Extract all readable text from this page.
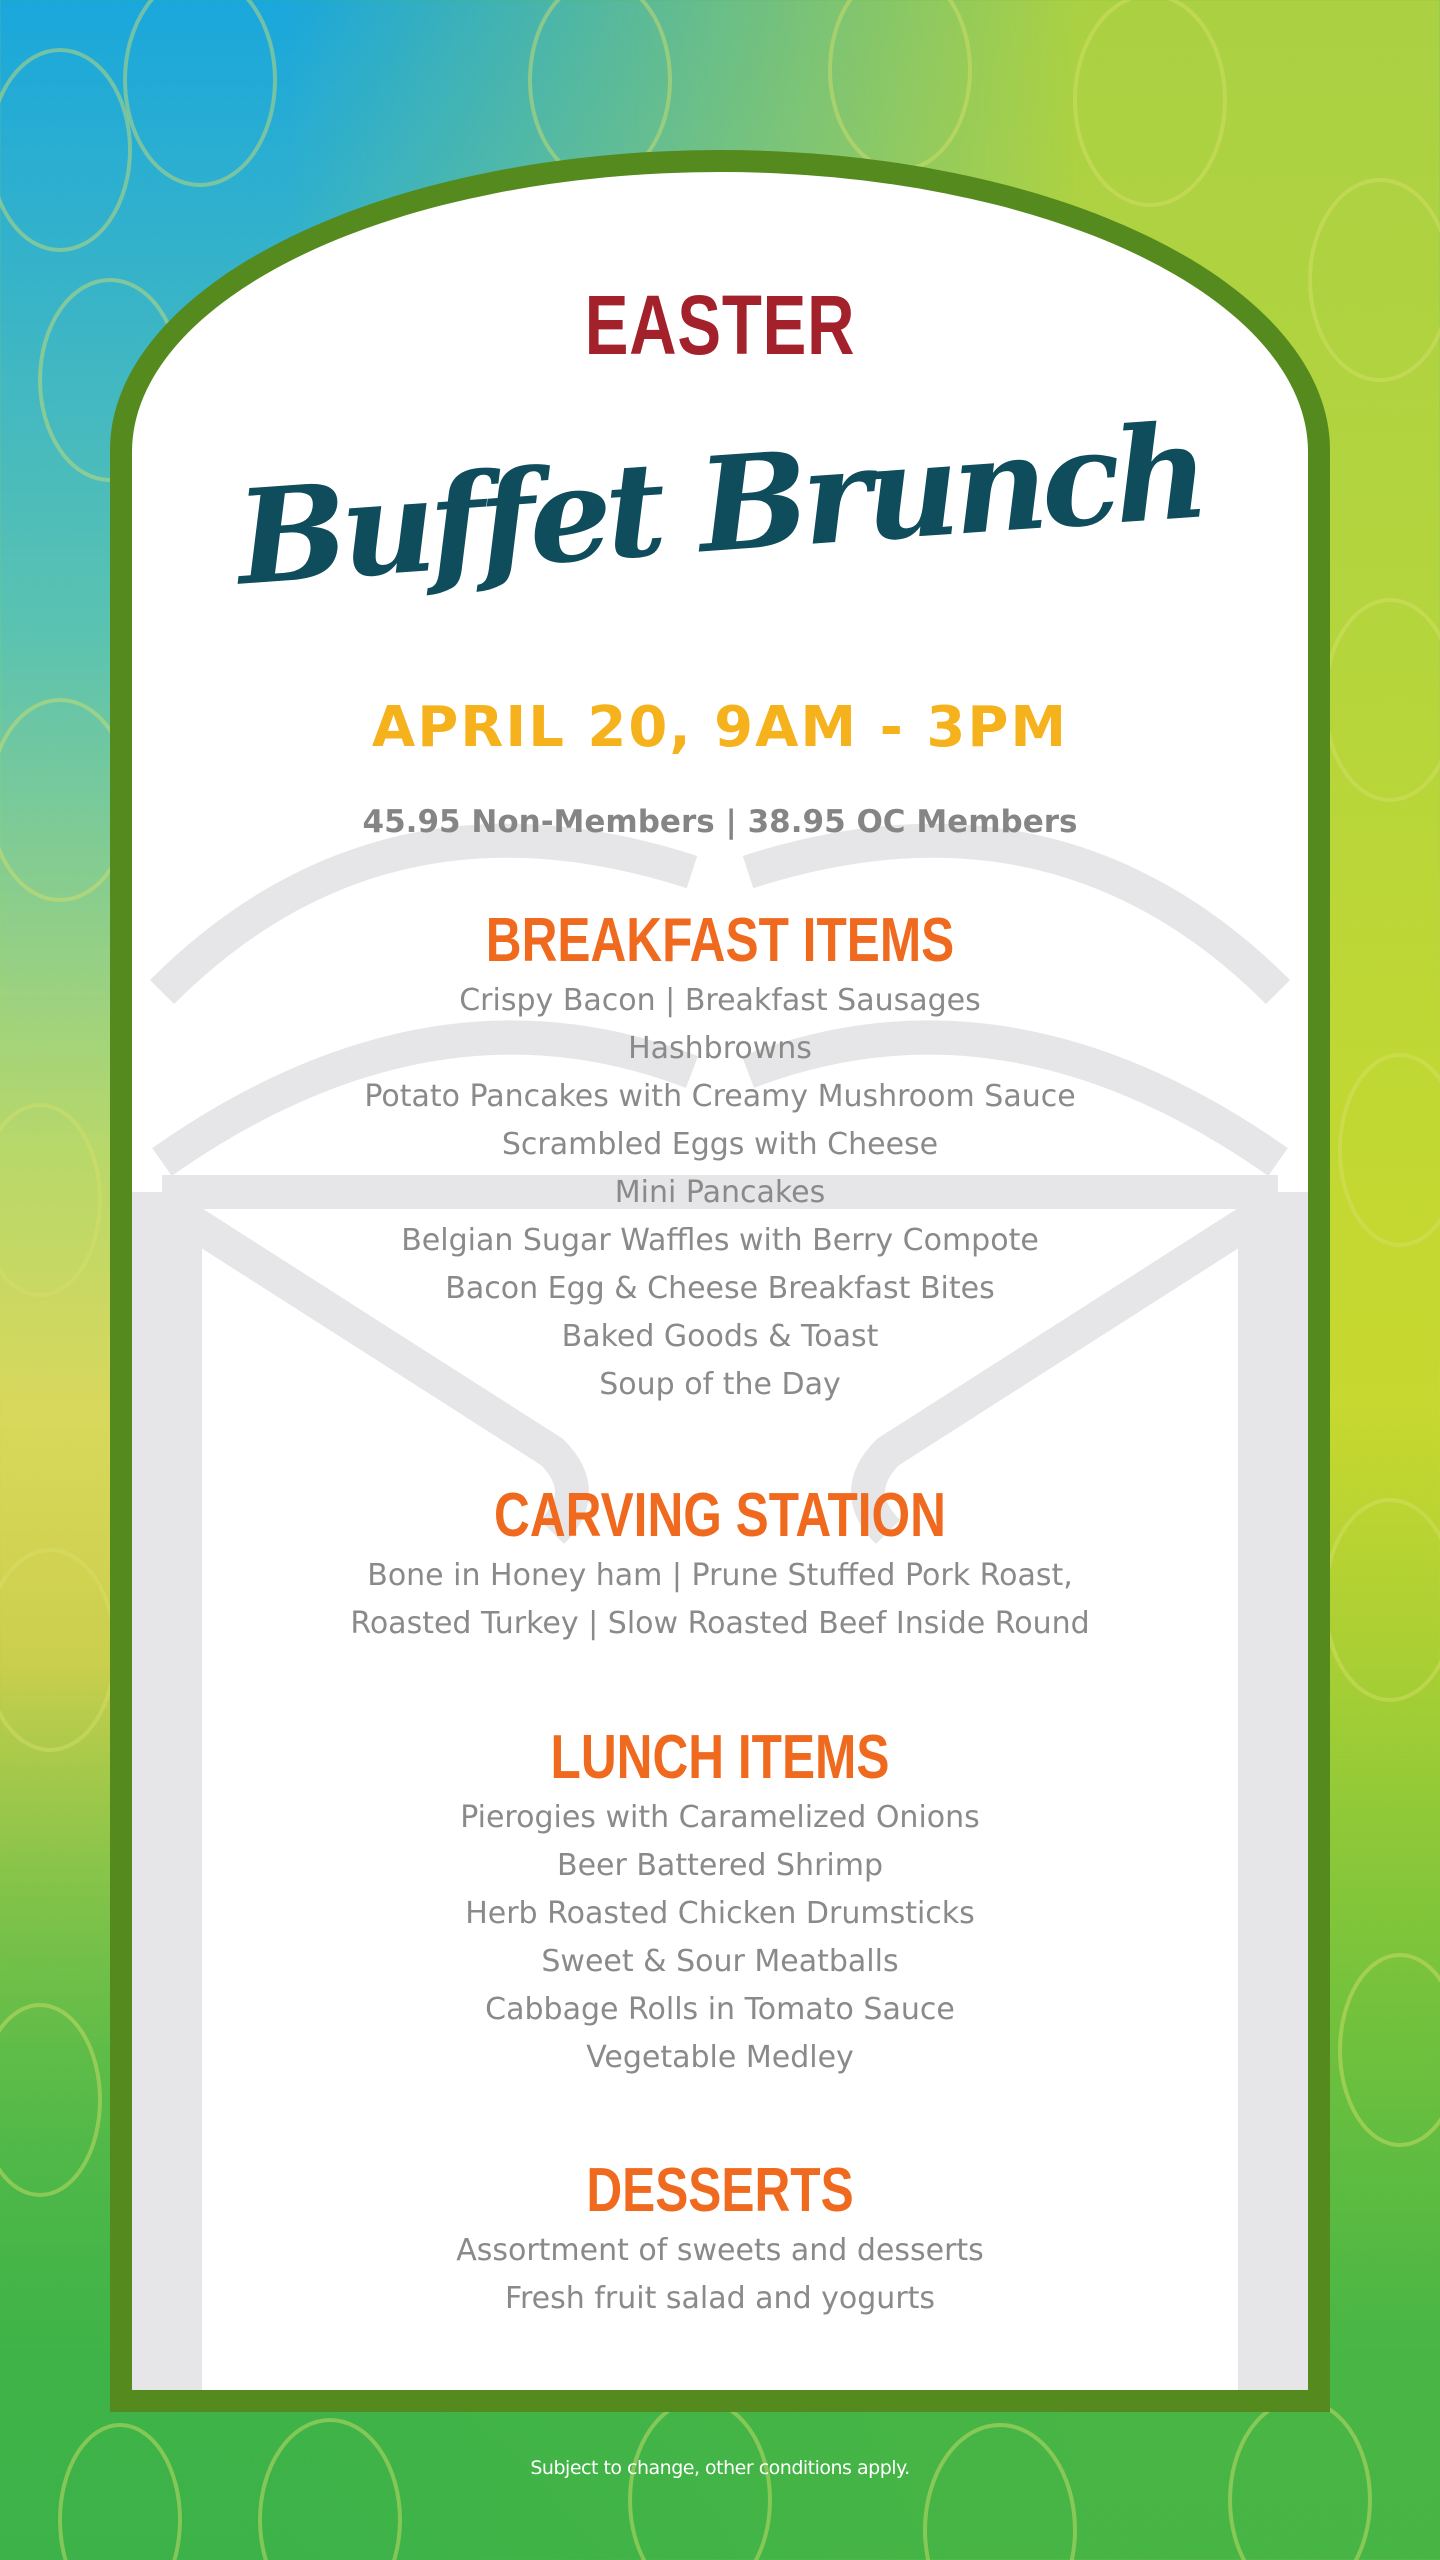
EASTER
Buffet Brunch
APRIL 20, 9AM - 3PM
45.95 Non-Members | 38.95 OC Members
BREAKFAST ITEMS
Crispy Bacon | Breakfast Sausages
Hashbrowns
Potato Pancakes with Creamy Mushroom Sauce
Scrambled Eggs with Cheese
Mini Pancakes
Belgian Sugar Waffles with Berry Compote
Bacon Egg & Cheese Breakfast Bites
Baked Goods & Toast
Soup of the Day
CARVING STATION
Bone in Honey ham | Prune Stuffed Pork Roast,
Roasted Turkey | Slow Roasted Beef Inside Round
LUNCH ITEMS
Pierogies with Caramelized Onions
Beer Battered Shrimp
Herb Roasted Chicken Drumsticks
Sweet & Sour Meatballs
Cabbage Rolls in Tomato Sauce
Vegetable Medley
DESSERTS
Assortment of sweets and desserts
Fresh fruit salad and yogurts
Subject to change, other conditions apply.
